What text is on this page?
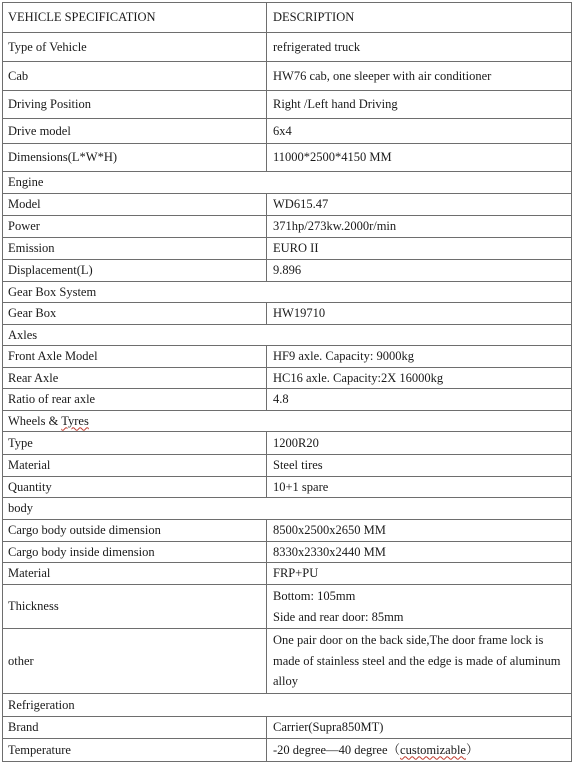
VEHICLE SPECIFICATION	DESCRIPTION
Type of Vehicle	refrigerated truck
Cab	HW76 cab, one sleeper with air conditioner
Driving Position	Right /Left hand Driving
Drive model	6x4
Dimensions(L*W*H)	11000*2500*4150 MM
Engine	
Model	WD615.47
Power	371hp/273kw.2000r/min
Emission	EURO II
Displacement(L)	9.896
Gear Box System	
Gear Box	HW19710
Axles	
Front Axle Model	HF9 axle. Capacity: 9000kg
Rear Axle	HC16 axle. Capacity:2X 16000kg
Ratio of rear axle	4.8
Wheels & Tyres	
Type	1200R20
Material	Steel tires
Quantity	10+1 spare
body	
Cargo body outside dimension	8500x2500x2650 MM
Cargo body inside dimension	8330x2330x2440 MM
Material	FRP+PU
Thickness	Bottom: 105mm
Side and rear door: 85mm

other	One pair door on the back side,The door frame lock is made of stainless steel and the edge is made of aluminum alloy
Refrigeration	
Brand	Carrier(Supra850MT)
Temperature	-20 degree—40 degree（customizable）
